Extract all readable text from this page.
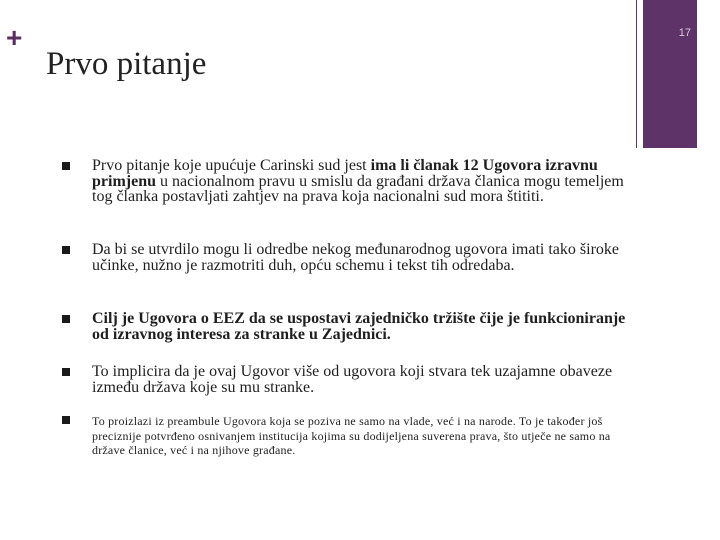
17
+
Prvo pitanje
Prvo pitanje koje upućuje Carinski sud jest ima li članak 12 Ugovora izravnu primjenu u nacionalnom pravu u smislu da građani država članica mogu temeljem tog članka postavljati zahtjev na prava koja nacionalni sud mora štititi.
Da bi se utvrdilo mogu li odredbe nekog međunarodnog ugovora imati tako široke učinke, nužno je razmotriti duh, opću schemu i tekst tih odredaba.
Cilj je Ugovora o EEZ da se uspostavi zajedničko tržište čije je funkcioniranje od izravnog interesa za stranke u Zajednici.
To implicira da je ovaj Ugovor više od ugovora koji stvara tek uzajamne obaveze između država koje su mu stranke.
To proizlazi iz preambule Ugovora koja se poziva ne samo na vlade, već i na narode. To je također još preciznije potvrđeno osnivanjem institucija kojima su dodijeljena suverena prava, što utječe ne samo na države članice, već i na njihove građane.
